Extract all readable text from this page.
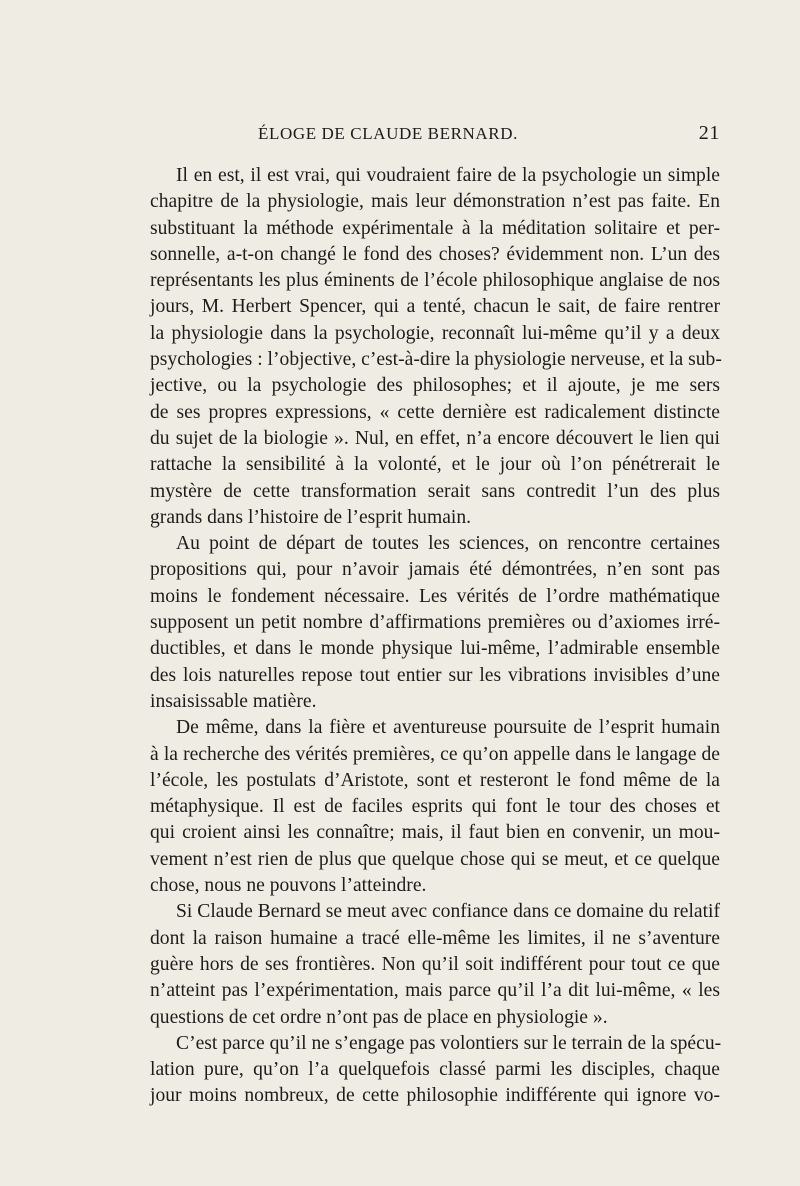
ÉLOGE DE CLAUDE BERNARD.	21
Il en est, il est vrai, qui voudraient faire de la psychologie un simple
chapitre de la physiologie, mais leur démonstration n’est pas faite. En
substituant la méthode expérimentale à la méditation solitaire et per-
sonnelle, a-t-on changé le fond des choses? évidemment non. L’un des
représentants les plus éminents de l’école philosophique anglaise de nos
jours, M. Herbert Spencer, qui a tenté, chacun le sait, de faire rentrer
la physiologie dans la psychologie, reconnaît lui-même qu’il y a deux
psychologies : l’objective, c’est-à-dire la physiologie nerveuse, et la sub-
jective, ou la psychologie des philosophes; et il ajoute, je me sers
de ses propres expressions, « cette dernière est radicalement distincte
du sujet de la biologie ». Nul, en effet, n’a encore découvert le lien qui
rattache la sensibilité à la volonté, et le jour où l’on pénétrerait le
mystère de cette transformation serait sans contredit l’un des plus
grands dans l’histoire de l’esprit humain.
Au point de départ de toutes les sciences, on rencontre certaines
propositions qui, pour n’avoir jamais été démontrées, n’en sont pas
moins le fondement nécessaire. Les vérités de l’ordre mathématique
supposent un petit nombre d’affirmations premières ou d’axiomes irré-
ductibles, et dans le monde physique lui-même, l’admirable ensemble
des lois naturelles repose tout entier sur les vibrations invisibles d’une
insaisissable matière.
De même, dans la fière et aventureuse poursuite de l’esprit humain
à la recherche des vérités premières, ce qu’on appelle dans le langage de
l’école, les postulats d’Aristote, sont et resteront le fond même de la
métaphysique. Il est de faciles esprits qui font le tour des choses et
qui croient ainsi les connaître; mais, il faut bien en convenir, un mou-
vement n’est rien de plus que quelque chose qui se meut, et ce quelque
chose, nous ne pouvons l’atteindre.
Si Claude Bernard se meut avec confiance dans ce domaine du relatif
dont la raison humaine a tracé elle-même les limites, il ne s’aventure
guère hors de ses frontières. Non qu’il soit indifférent pour tout ce que
n’atteint pas l’expérimentation, mais parce qu’il l’a dit lui-même, « les
questions de cet ordre n’ont pas de place en physiologie ».
C’est parce qu’il ne s’engage pas volontiers sur le terrain de la spécu-
lation pure, qu’on l’a quelquefois classé parmi les disciples, chaque
jour moins nombreux, de cette philosophie indifférente qui ignore vo-
